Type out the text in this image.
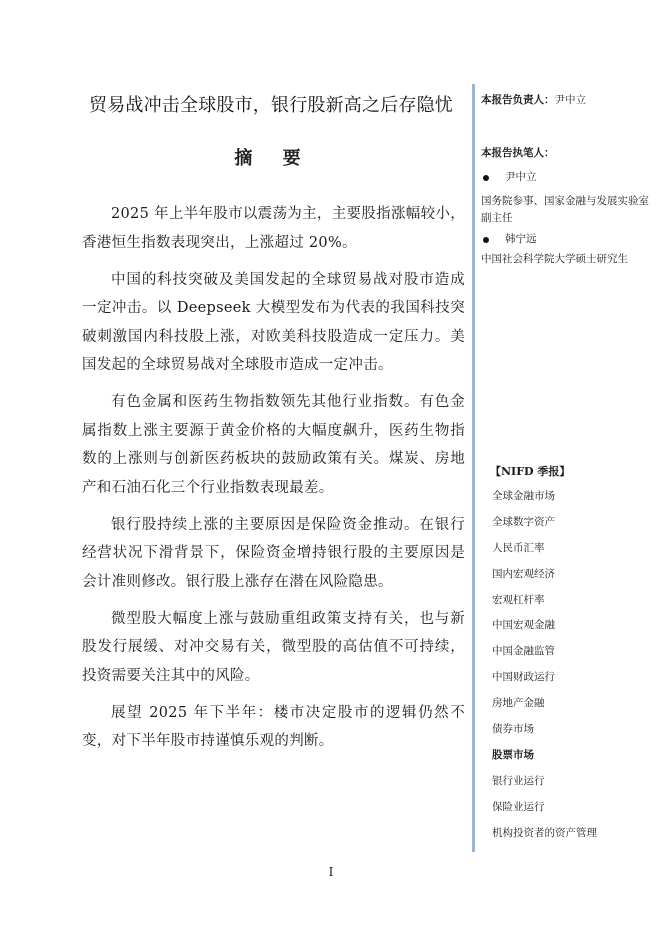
贸易战冲击全球股市，银行股新高之后存隐忧
摘 要

2025 年上半年股市以震荡为主，主要股指涨幅较小，香港恒生指数表现突出，上涨超过 20%。

中国的科技突破及美国发起的全球贸易战对股市造成一定冲击。以 Deepseek 大模型发布为代表的我国科技突破刺激国内科技股上涨，对欧美科技股造成一定压力。美国发起的全球贸易战对全球股市造成一定冲击。

有色金属和医药生物指数领先其他行业指数。有色金属指数上涨主要源于黄金价格的大幅度飙升，医药生物指数的上涨则与创新医药板块的鼓励政策有关。煤炭、房地产和石油石化三个行业指数表现最差。

银行股持续上涨的主要原因是保险资金推动。在银行经营状况下滑背景下，保险资金增持银行股的主要原因是会计准则修改。银行股上涨存在潜在风险隐患。

微型股大幅度上涨与鼓励重组政策支持有关，也与新股发行展缓、对冲交易有关，微型股的高估值不可持续，投资需要关注其中的风险。

展望 2025 年下半年：楼市决定股市的逻辑仍然不变，对下半年股市持谨慎乐观的判断。

本报告负责人：尹中立
本报告执笔人：
尹中立
国务院参事、国家金融与发展实验室副主任
韩宁远
中国社会科学院大学硕士研究生
【NIFD 季报】
全球金融市场
全球数字资产
人民币汇率
国内宏观经济
宏观杠杆率
中国宏观金融
中国金融监管
中国财政运行
房地产金融
债券市场
股票市场
银行业运行
保险业运行
机构投资者的资产管理
I
